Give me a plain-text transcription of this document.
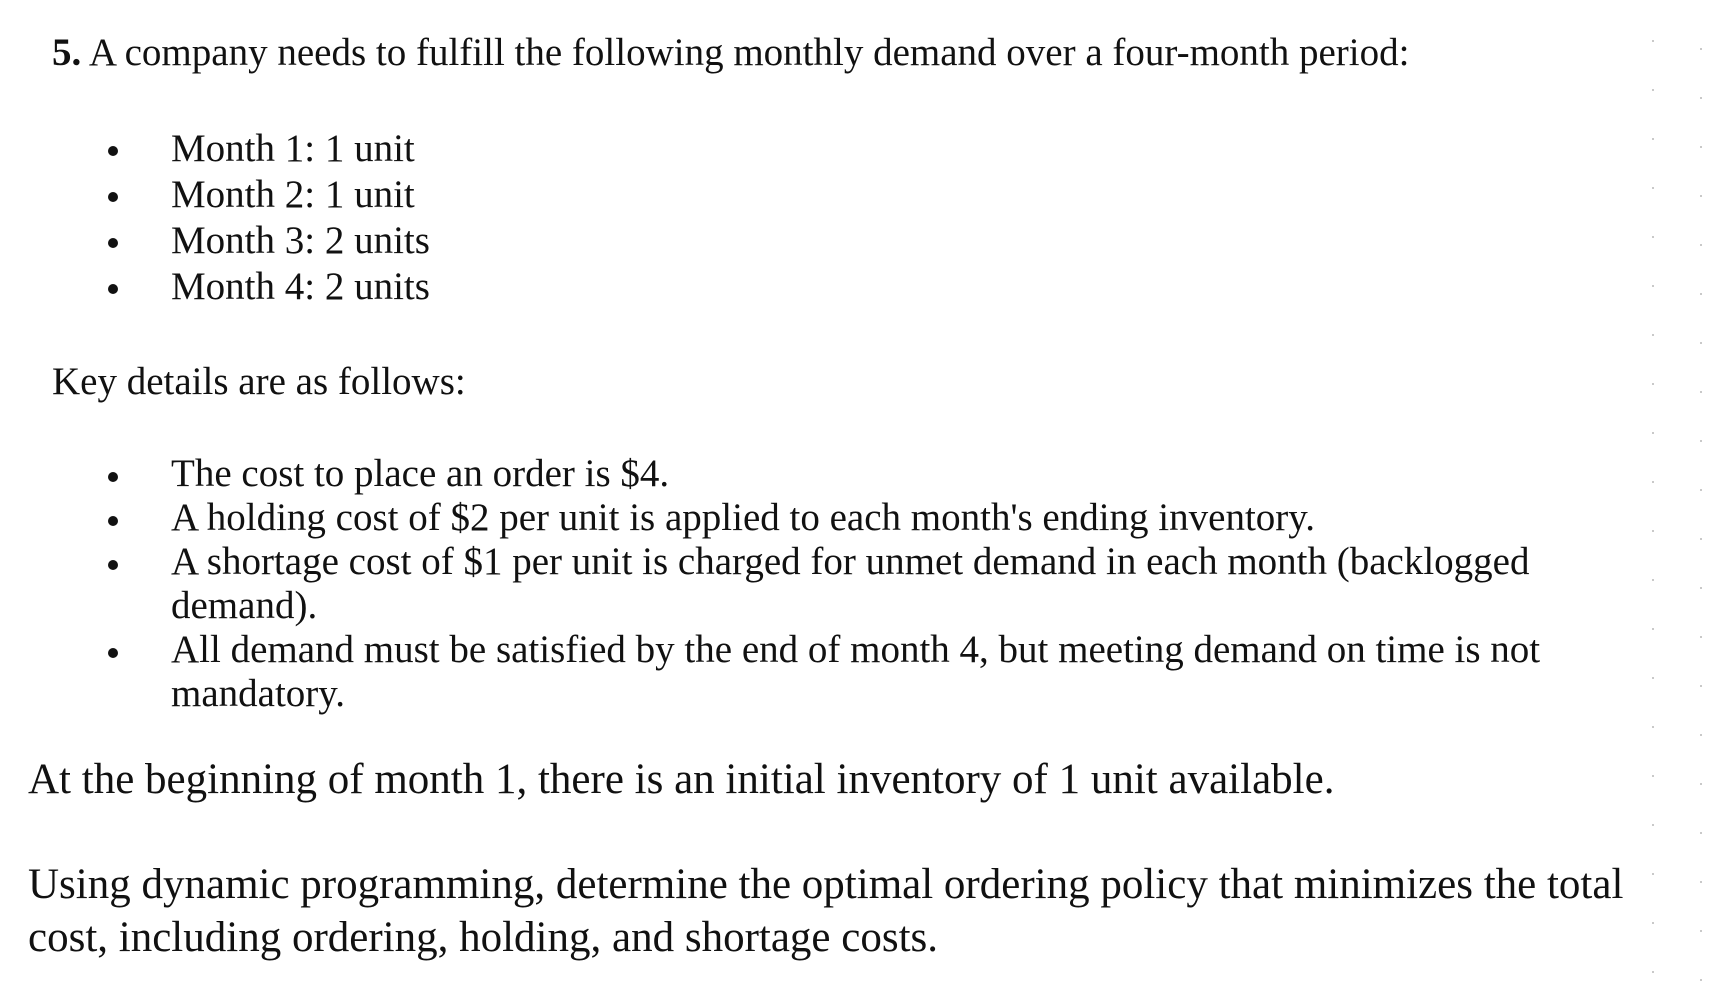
5. A company needs to fulfill the following monthly demand over a four-month period:
Month 1: 1 unit
Month 2: 1 unit
Month 3: 2 units
Month 4: 2 units
Key details are as follows:
The cost to place an order is $4.
A holding cost of $2 per unit is applied to each month's ending inventory.
A shortage cost of $1 per unit is charged for unmet demand in each month (backlogged demand).
All demand must be satisfied by the end of month 4, but meeting demand on time is not mandatory.
At the beginning of month 1, there is an initial inventory of 1 unit available.
Using dynamic programming, determine the optimal ordering policy that minimizes the total cost, including ordering, holding, and shortage costs.
